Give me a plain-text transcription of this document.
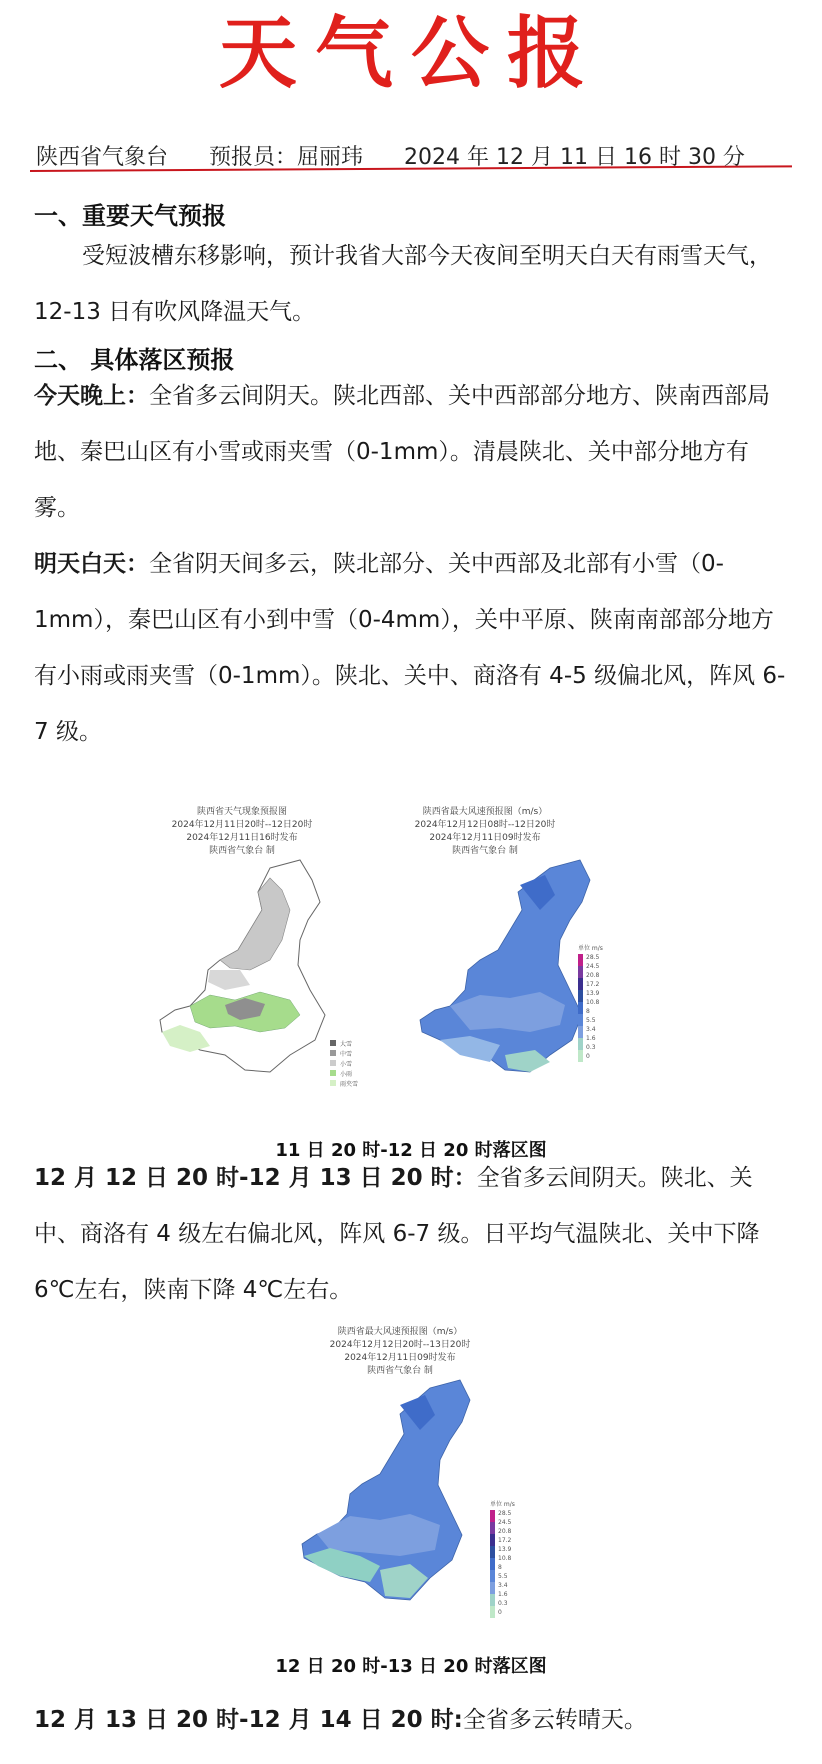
天气公报
陕西省气象台 预报员：屈丽玮 2024 年 12 月 11 日 16 时 30 分
一、重要天气预报
受短波槽东移影响，预计我省大部今天夜间至明天白天有雨雪天气，12-13 日有吹风降温天气。
二、 具体落区预报
今天晚上：全省多云间阴天。陕北西部、关中西部部分地方、陕南西部局地、秦巴山区有小雪或雨夹雪（0-1mm）。清晨陕北、关中部分地方有雾。
明天白天：全省阴天间多云，陕北部分、关中西部及北部有小雪（0-1mm），秦巴山区有小到中雪（0-4mm），关中平原、陕南南部部分地方有小雨或雨夹雪（0-1mm）。陕北、关中、商洛有 4-5 级偏北风，阵风 6-7 级。
陕西省天气现象预报图
2024年12月11日20时--12日20时
2024年12月11日16时发布
陕西省气象台 制
大雪
中雪
小雪
小雨
雨夹雪
陕西省最大风速预报图（m/s）
2024年12月12日08时--12日20时
2024年12月11日09时发布
陕西省气象台 制
单位 m/s
28.5
24.5
20.8
17.2
13.9
10.8
8
5.5
3.4
1.6
0.3
0
11 日 20 时-12 日 20 时落区图
12 月 12 日 20 时-12 月 13 日 20 时：全省多云间阴天。陕北、关中、商洛有 4 级左右偏北风，阵风 6-7 级。日平均气温陕北、关中下降 6℃左右，陕南下降 4℃左右。
陕西省最大风速预报图（m/s）
2024年12月12日20时--13日20时
2024年12月11日09时发布
陕西省气象台 制
单位 m/s
28.5
24.5
20.8
17.2
13.9
10.8
8
5.5
3.4
1.6
0.3
0
12 日 20 时-13 日 20 时落区图
12 月 13 日 20 时-12 月 14 日 20 时:全省多云转晴天。
